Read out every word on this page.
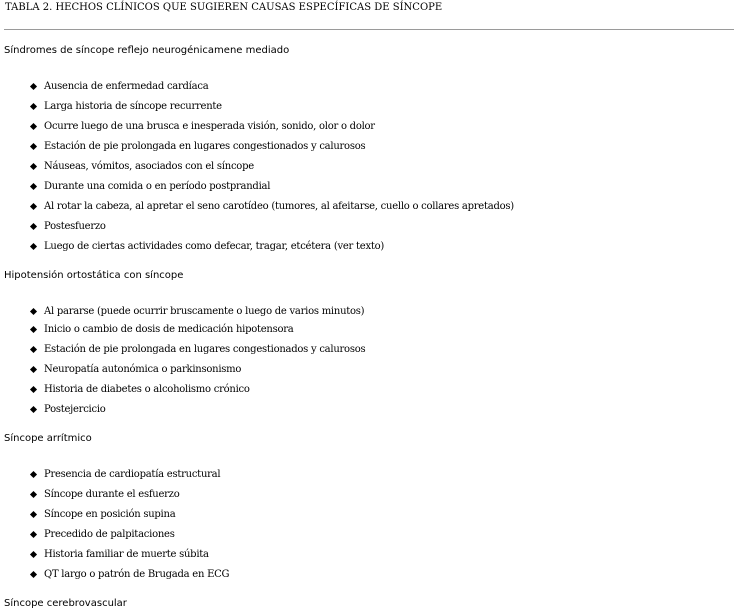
TABLA 2. HECHOS CLÍNICOS QUE SUGIEREN CAUSAS ESPECÍFICAS DE SÍNCOPE
Síndromes de síncope reflejo neurogénicamene mediado
Ausencia de enfermedad cardíaca
Larga historia de síncope recurrente
Ocurre luego de una brusca e inesperada visión, sonido, olor o dolor
Estación de pie prolongada en lugares congestionados y calurosos
Náuseas, vómitos, asociados con el síncope
Durante una comida o en período postprandial
Al rotar la cabeza, al apretar el seno carotídeo (tumores, al afeitarse, cuello o collares apretados)
Postesfuerzo
Luego de ciertas actividades como defecar, tragar, etcétera (ver texto)
Hipotensión ortostática con síncope
Al pararse (puede ocurrir bruscamente o luego de varios minutos)
Inicio o cambio de dosis de medicación hipotensora
Estación de pie prolongada en lugares congestionados y calurosos
Neuropatía autonómica o parkinsonismo
Historia de diabetes o alcoholismo crónico
Postejercicio
Síncope arrítmico
Presencia de cardiopatía estructural
Síncope durante el esfuerzo
Síncope en posición supina
Precedido de palpitaciones
Historia familiar de muerte súbita
QT largo o patrón de Brugada en ECG
Síncope cerebrovascular
